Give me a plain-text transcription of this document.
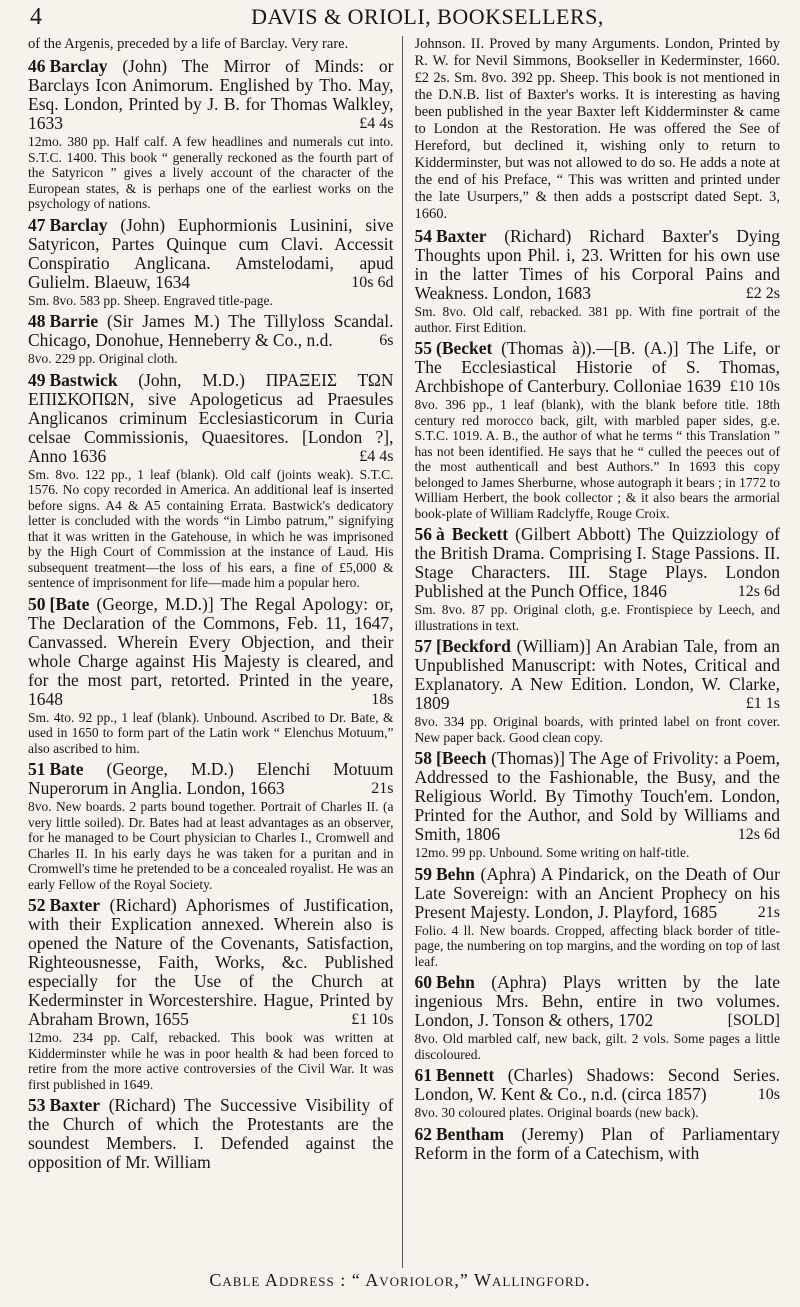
4	DAVIS & ORIOLI, BOOKSELLERS,

of the Argenis, preceded by a life of Barclay. Very rare.

46 Barclay (John) The Mirror of Minds: or Barclays Icon Animorum. Englished by Tho. May, Esq. London, Printed by J. B. for Thomas Walkley, 1633	£4 4s

12mo. 380 pp. Half calf. A few headlines and numerals cut into. S.T.C. 1400. This book “ generally reckoned as the fourth part of the Satyricon ” gives a lively account of the character of the European states, & is perhaps one of the earliest works on the psychology of nations.

47 Barclay (John) Euphormionis Lusinini, sive Satyricon, Partes Quinque cum Clavi. Accessit Conspiratio Anglicana. Amstelodami, apud Gulielm. Blaeuw, 1634	10s 6d

Sm. 8vo. 583 pp. Sheep. Engraved title-page.

48 Barrie (Sir James M.) The Tillyloss Scandal. Chicago, Donohue, Henneberry & Co., n.d.	6s

8vo. 229 pp. Original cloth.

49 Bastwick (John, M.D.) ΠΡΑΞΕΙΣ ΤΩΝ ΕΠΙΣΚΟΠΩΝ, sive Apologeticus ad Praesules Anglicanos criminum Ecclesiasticorum in Curia celsae Commissionis, Quaesitores. [London ?], Anno 1636	£4 4s

Sm. 8vo. 122 pp., 1 leaf (blank). Old calf (joints weak). S.T.C. 1576. No copy recorded in America. An additional leaf is inserted before signs. A4 & A5 containing Errata. Bastwick's dedicatory letter is concluded with the words “in Limbo patrum,” signifying that it was written in the Gatehouse, in which he was imprisoned by the High Court of Commission at the instance of Laud. His subsequent treatment—the loss of his ears, a fine of £5,000 & sentence of imprisonment for life—made him a popular hero.

50 [Bate (George, M.D.)] The Regal Apology: or, The Declaration of the Commons, Feb. 11, 1647, Canvassed. Wherein Every Objection, and their whole Charge against His Majesty is cleared, and for the most part, retorted. Printed in the yeare, 1648	18s

Sm. 4to. 92 pp., 1 leaf (blank). Unbound. Ascribed to Dr. Bate, & used in 1650 to form part of the Latin work “ Elenchus Motuum,” also ascribed to him.

51 Bate (George, M.D.) Elenchi Motuum Nuperorum in Anglia. London, 1663	21s

8vo. New boards. 2 parts bound together. Portrait of Charles II. (a very little soiled). Dr. Bates had at least advantages as an observer, for he managed to be Court physician to Charles I., Cromwell and Charles II. In his early days he was taken for a puritan and in Cromwell's time he pretended to be a concealed royalist. He was an early Fellow of the Royal Society.

52 Baxter (Richard) Aphorismes of Justification, with their Explication annexed. Wherein also is opened the Nature of the Covenants, Satisfaction, Righteousnesse, Faith, Works, &c. Published especially for the Use of the Church at Kederminster in Worcestershire. Hague, Printed by Abraham Brown, 1655	£1 10s

12mo. 234 pp. Calf, rebacked. This book was written at Kidderminster while he was in poor health & had been forced to retire from the more active controversies of the Civil War. It was first published in 1649.

53 Baxter (Richard) The Successive Visibility of the Church of which the Protestants are the soundest Members. I. Defended against the opposition of Mr. William

Johnson. II. Proved by many Arguments. London, Printed by R. W. for Nevil Simmons, Bookseller in Kederminster, 1660. £2 2s. Sm. 8vo. 392 pp. Sheep. This book is not mentioned in the D.N.B. list of Baxter's works. It is interesting as having been published in the year Baxter left Kidderminster & came to London at the Restoration. He was offered the See of Hereford, but declined it, wishing only to return to Kidderminster, but was not allowed to do so. He adds a note at the end of his Preface, “ This was written and printed under the late Usurpers,” & then adds a postscript dated Sept. 3, 1660.

54 Baxter (Richard) Richard Baxter's Dying Thoughts upon Phil. i, 23. Written for his own use in the latter Times of his Corporal Pains and Weakness. London, 1683	£2 2s

Sm. 8vo. Old calf, rebacked. 381 pp. With fine portrait of the author. First Edition.

55 (Becket (Thomas à)).—[B. (A.)] The Life, or The Ecclesiastical Historie of S. Thomas, Archbishope of Canterbury. Colloniae 1639 £10 10s

8vo. 396 pp., 1 leaf (blank), with the blank before title. 18th century red morocco back, gilt, with marbled paper sides, g.e. S.T.C. 1019. A. B., the author of what he terms “ this Translation ” has not been identified. He says that he “ culled the peeces out of the most authenticall and best Authors.” In 1693 this copy belonged to James Sherburne, whose autograph it bears ; in 1772 to William Herbert, the book collector ; & it also bears the armorial book-plate of William Radclyffe, Rouge Croix.

56 à Beckett (Gilbert Abbott) The Quizziology of the British Drama. Comprising I. Stage Passions. II. Stage Characters. III. Stage Plays. London Published at the Punch Office, 1846	12s 6d

Sm. 8vo. 87 pp. Original cloth, g.e. Frontispiece by Leech, and illustrations in text.

57 [Beckford (William)] An Arabian Tale, from an Unpublished Manuscript: with Notes, Critical and Explanatory. A New Edition. London, W. Clarke, 1809	£1 1s

8vo. 334 pp. Original boards, with printed label on front cover. New paper back. Good clean copy.

58 [Beech (Thomas)] The Age of Frivolity: a Poem, Addressed to the Fashionable, the Busy, and the Religious World. By Timothy Touch'em. London, Printed for the Author, and Sold by Williams and Smith, 1806	12s 6d

12mo. 99 pp. Unbound. Some writing on half-title.

59 Behn (Aphra) A Pindarick, on the Death of Our Late Sovereign: with an Ancient Prophecy on his Present Majesty. London, J. Playford, 1685	21s

Folio. 4 ll. New boards. Cropped, affecting black border of title-page, the numbering on top margins, and the wording on top of last leaf.

60 Behn (Aphra) Plays written by the late ingenious Mrs. Behn, entire in two volumes. London, J. Tonson & others, 1702	[SOLD]

8vo. Old marbled calf, new back, gilt. 2 vols. Some pages a little discoloured.

61 Bennett (Charles) Shadows: Second Series. London, W. Kent & Co., n.d. (circa 1857)	10s

8vo. 30 coloured plates. Original boards (new back).

62 Bentham (Jeremy) Plan of Parliamentary Reform in the form of a Catechism, with

Cable Address : “ Avoriolor,” Wallingford.
